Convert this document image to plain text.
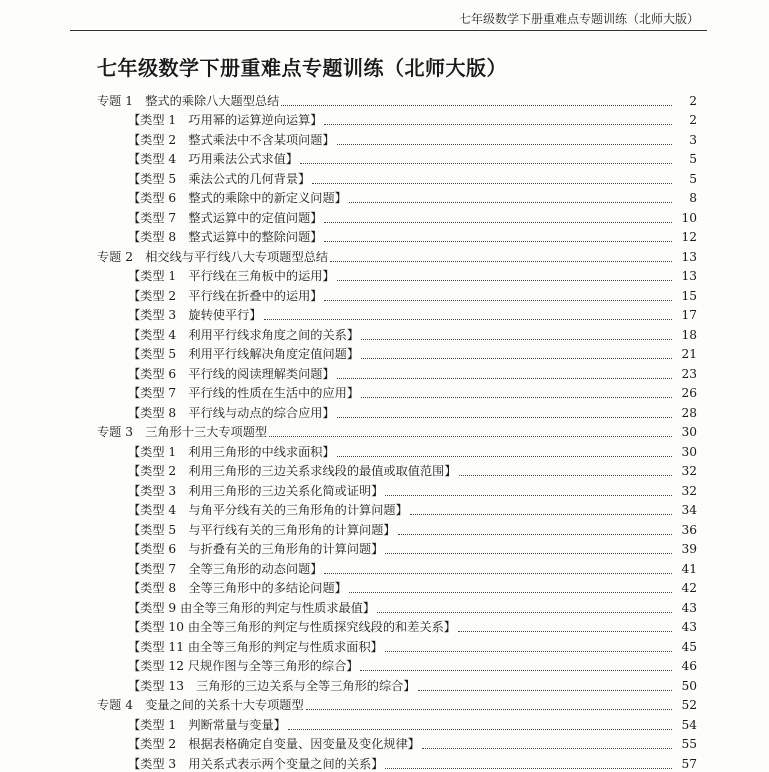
七年级数学下册重难点专题训练（北师大版）
七年级数学下册重难点专题训练（北师大版）
专题 1　整式的乘除八大题型总结	2
【类型 1　巧用幂的运算逆向运算】	2
【类型 2　整式乘法中不含某项问题】	3
【类型 4　巧用乘法公式求值】	5
【类型 5　乘法公式的几何背景】	5
【类型 6　整式的乘除中的新定义问题】	8
【类型 7　整式运算中的定值问题】	10
【类型 8　整式运算中的整除问题】	12
专题 2　相交线与平行线八大专项题型总结	13
【类型 1　平行线在三角板中的运用】	13
【类型 2　平行线在折叠中的运用】	15
【类型 3　旋转使平行】	17
【类型 4　利用平行线求角度之间的关系】	18
【类型 5　利用平行线解决角度定值问题】	21
【类型 6　平行线的阅读理解类问题】	23
【类型 7　平行线的性质在生活中的应用】	26
【类型 8　平行线与动点的综合应用】	28
专题 3　三角形十三大专项题型	30
【类型 1　利用三角形的中线求面积】	30
【类型 2　利用三角形的三边关系求线段的最值或取值范围】	32
【类型 3　利用三角形的三边关系化简或证明】	32
【类型 4　与角平分线有关的三角形角的计算问题】	34
【类型 5　与平行线有关的三角形角的计算问题】	36
【类型 6　与折叠有关的三角形角的计算问题】	39
【类型 7　全等三角形的动态问题】	41
【类型 8　全等三角形中的多结论问题】	42
【类型 9 由全等三角形的判定与性质求最值】	43
【类型 10 由全等三角形的判定与性质探究线段的和差关系】	43
【类型 11 由全等三角形的判定与性质求面积】	45
【类型 12 尺规作图与全等三角形的综合】	46
【类型 13　三角形的三边关系与全等三角形的综合】	50
专题 4　变量之间的关系十大专项题型	52
【类型 1　判断常量与变量】	54
【类型 2　根据表格确定自变量、因变量及变化规律】	55
【类型 3　用关系式表示两个变量之间的关系】	57
